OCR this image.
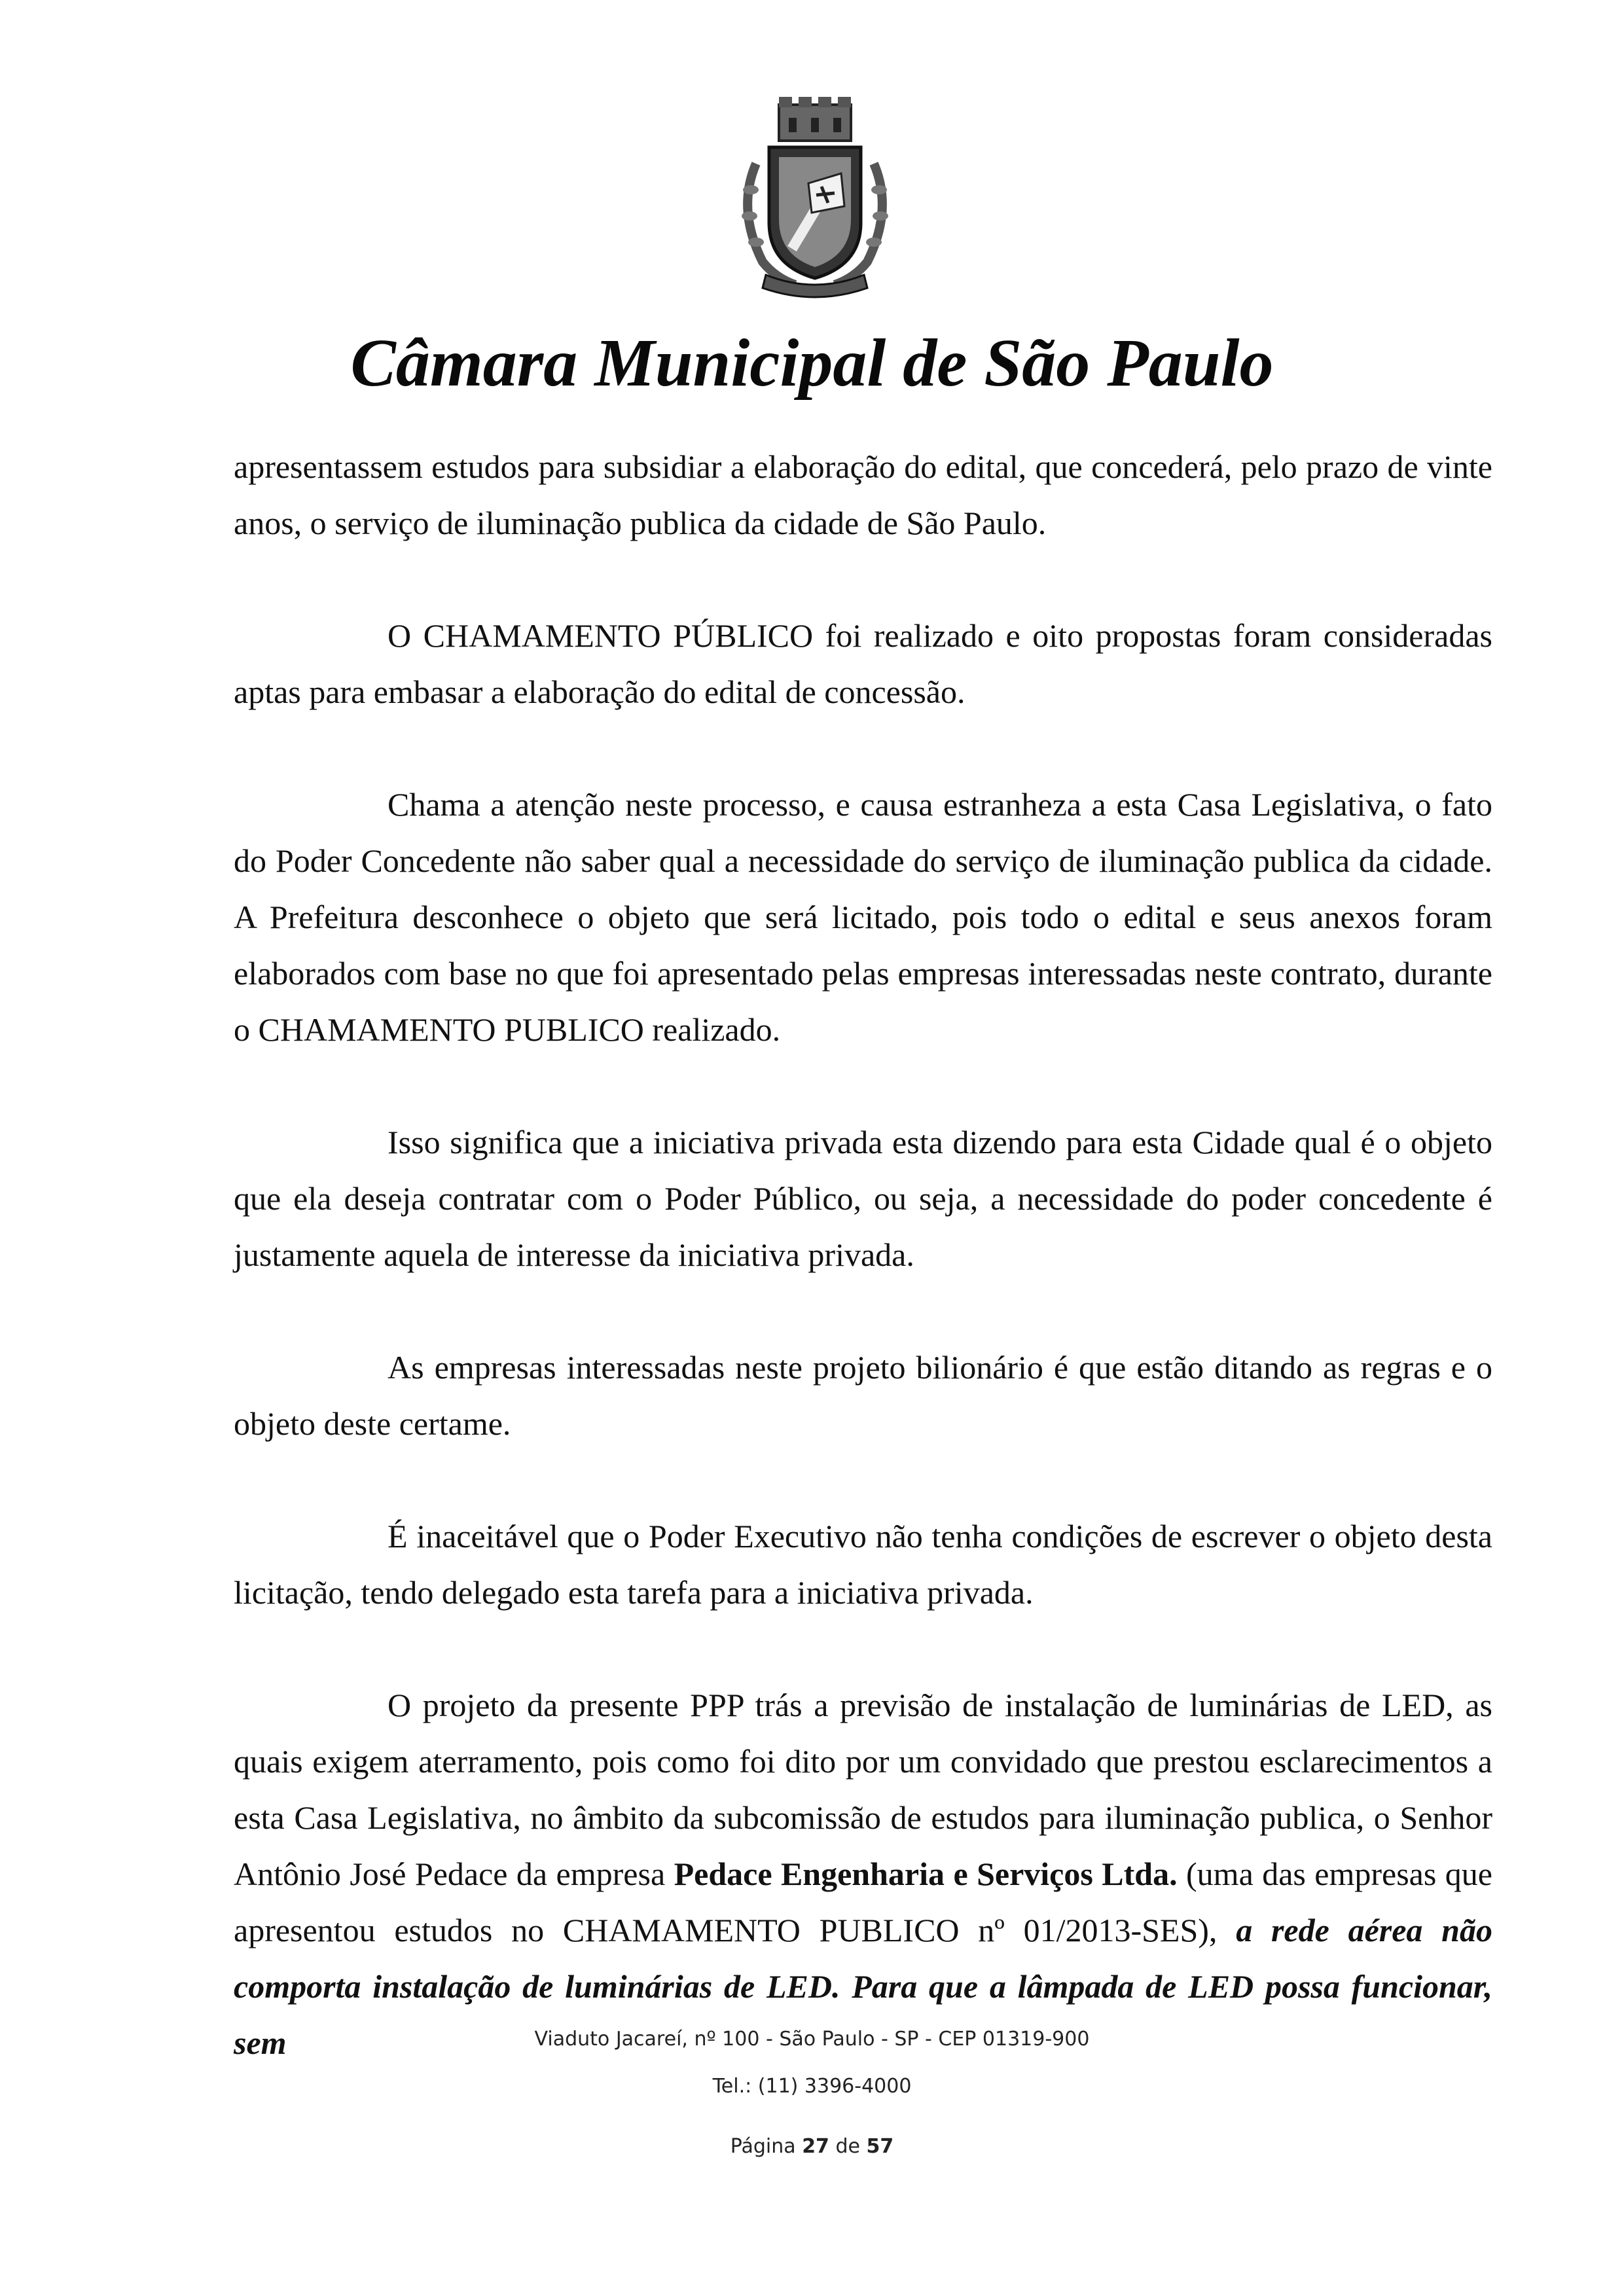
Câmara Municipal de São Paulo

apresentassem estudos para subsidiar a elaboração do edital, que concederá, pelo prazo de vinte anos, o serviço de iluminação publica da cidade de São Paulo.

O CHAMAMENTO PÚBLICO foi realizado e oito propostas foram consideradas aptas para embasar a elaboração do edital de concessão.

Chama a atenção neste processo, e causa estranheza a esta Casa Legislativa, o fato do Poder Concedente não saber qual a necessidade do serviço de iluminação publica da cidade. A Prefeitura desconhece o objeto que será licitado, pois todo o edital e seus anexos foram elaborados com base no que foi apresentado pelas empresas interessadas neste contrato, durante o CHAMAMENTO PUBLICO realizado.

Isso significa que a iniciativa privada esta dizendo para esta Cidade qual é o objeto que ela deseja contratar com o Poder Público, ou seja, a necessidade do poder concedente é justamente aquela de interesse da iniciativa privada.

As empresas interessadas neste projeto bilionário é que estão ditando as regras e o objeto deste certame.

É inaceitável que o Poder Executivo não tenha condições de escrever o objeto desta licitação, tendo delegado esta tarefa para a iniciativa privada.

O projeto da presente PPP trás a previsão de instalação de luminárias de LED, as quais exigem aterramento, pois como foi dito por um convidado que prestou esclarecimentos a esta Casa Legislativa, no âmbito da subcomissão de estudos para iluminação publica, o Senhor Antônio José Pedace da empresa Pedace Engenharia e Serviços Ltda. (uma das empresas que apresentou estudos no CHAMAMENTO PUBLICO nº 01/2013-SES), a rede aérea não comporta instalação de luminárias de LED. Para que a lâmpada de LED possa funcionar, sem	Viaduto Jacareí, nº 100 - São Paulo - SP - CEP 01319-900
Tel.: (11) 3396-4000
Página 27 de 57
